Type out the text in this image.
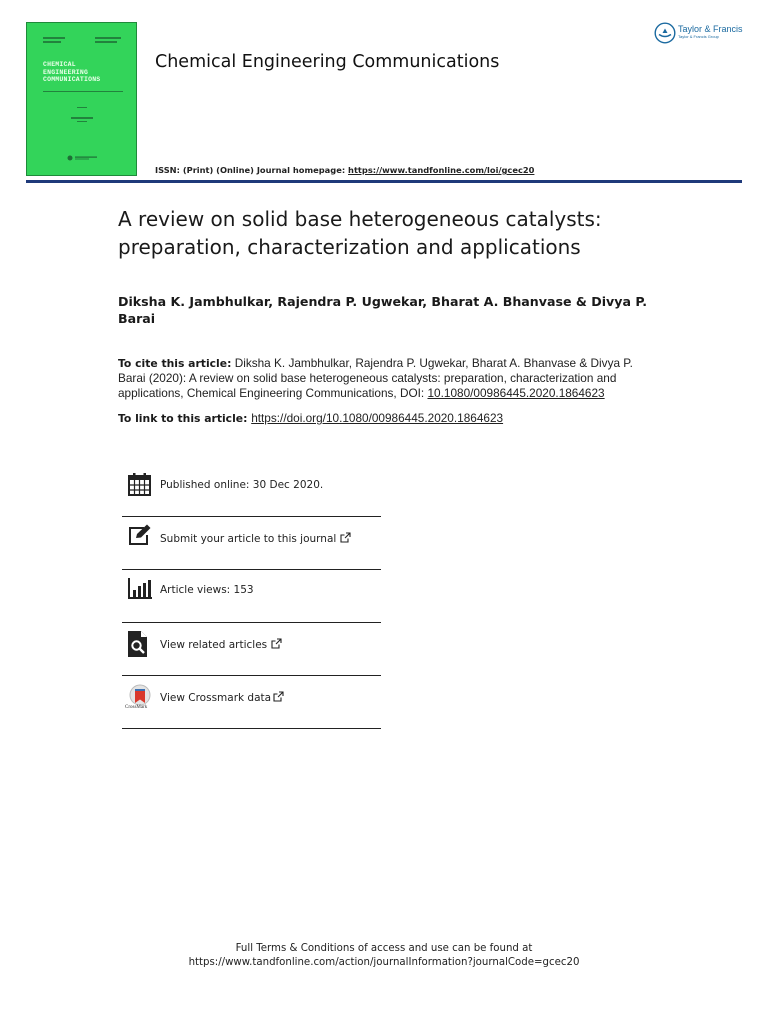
CHEMICAL
ENGINEERING
COMMUNICATIONS
Chemical Engineering Communications
ISSN: (Print) (Online) Journal homepage: https://www.tandfonline.com/loi/gcec20
Taylor & Francis
Taylor & Francis Group
A review on solid base heterogeneous catalysts: preparation, characterization and applications
Diksha K. Jambhulkar, Rajendra P. Ugwekar, Bharat A. Bhanvase & Divya P. Barai
To cite this article: Diksha K. Jambhulkar, Rajendra P. Ugwekar, Bharat A. Bhanvase & Divya P. Barai (2020): A review on solid base heterogeneous catalysts: preparation, characterization and applications, Chemical Engineering Communications, DOI: 10.1080/00986445.2020.1864623
To link to this article: https://doi.org/10.1080/00986445.2020.1864623
Published online: 30 Dec 2020.
Submit your article to this journal
Article views: 153
View related articles
CrossMark
View Crossmark data
Full Terms & Conditions of access and use can be found at
https://www.tandfonline.com/action/journalInformation?journalCode=gcec20
